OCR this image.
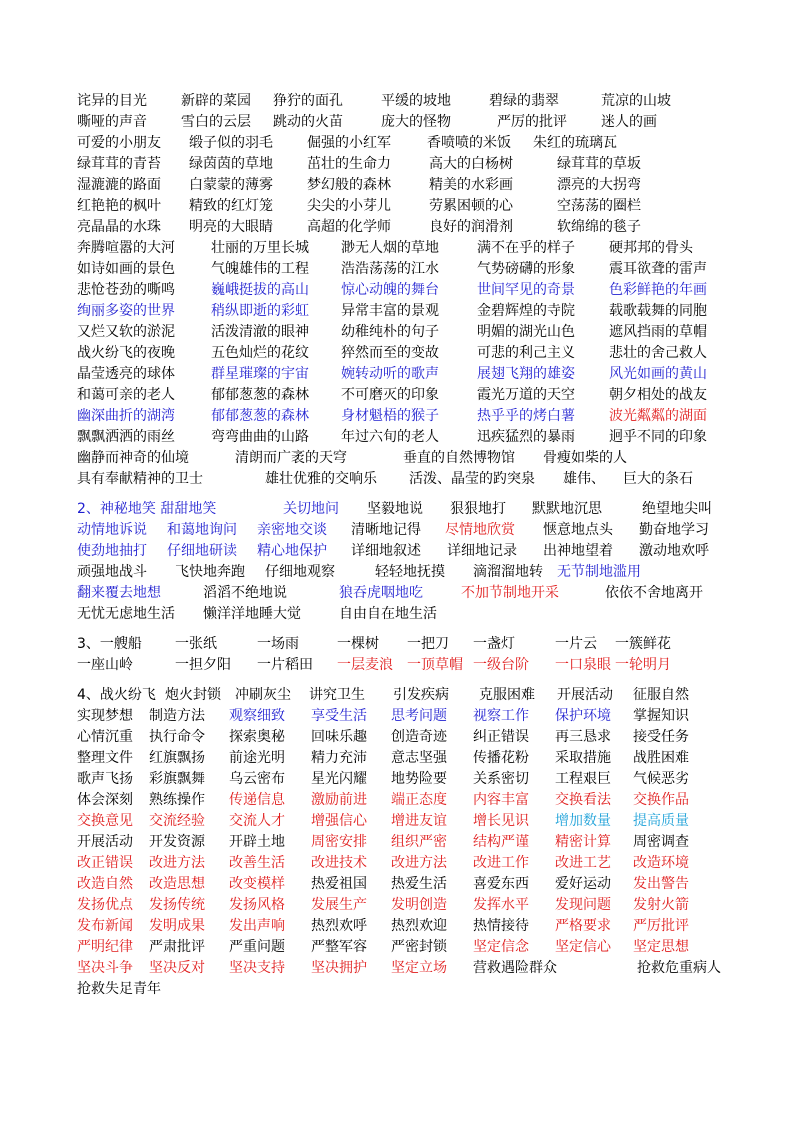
诧异的目光 新辟的菜园 狰狞的面孔	平缓的坡地	碧绿的翡翠	荒凉的山坡
嘶哑的声音 雪白的云层 跳动的火苗	庞大的怪物	严厉的批评 迷人的画
可爱的小朋友 缎子似的羽毛 倔强的小红军	香喷喷的米饭 朱红的琉璃瓦
绿茸茸的青苔 绿茵茵的草地 茁壮的生命力	高大的白杨树	绿茸茸的草坂
湿漉漉的路面 白蒙蒙的薄雾 梦幻般的森林	精美的水彩画	漂亮的大拐弯
红艳艳的枫叶 精致的红灯笼 尖尖的小芽儿	劳累困顿的心	空荡荡的圈栏
亮晶晶的水珠 明亮的大眼睛 高超的化学师	良好的润滑剂	软绵绵的毯子
奔腾喧嚣的大河	壮丽的万里长城 渺无人烟的草地	满不在乎的样子 硬邦邦的骨头
如诗如画的景色	气魄雄伟的工程 浩浩荡荡的江水	气势磅礴的形象 震耳欲聋的雷声
悲怆苍劲的嘶鸣	巍峨挺拔的高山 惊心动魄的舞台	世间罕见的奇景 色彩鲜艳的年画
绚丽多姿的世界	稍纵即逝的彩虹 异常丰富的景观	金碧辉煌的寺院 载歌载舞的同胞
又烂又软的淤泥	活泼清澈的眼神 幼稚纯朴的句子	明媚的湖光山色 遮风挡雨的草帽
战火纷飞的夜晚	五色灿烂的花纹 猝然而至的变故	可悲的利己主义 悲壮的舍己救人
晶莹透亮的球体	群星璀璨的宇宙 婉转动听的歌声	展翅飞翔的雄姿 风光如画的黄山
和蔼可亲的老人	郁郁葱葱的森林 不可磨灭的印象	霞光万道的天空 朝夕相处的战友
幽深曲折的湖湾	郁郁葱葱的森林 身材魁梧的猴子	热乎乎的烤白薯 波光粼粼的湖面
飘飘洒洒的雨丝	弯弯曲曲的山路 年过六旬的老人	迅疾猛烈的暴雨 迥乎不同的印象
幽静而神奇的仙境	清朗而广袤的天穹	垂直的自然博物馆 骨瘦如柴的人
具有奉献精神的卫士	雄壮优雅的交响乐 活泼、晶莹的趵突泉 雄伟、 巨大的条石
2、神秘地笑 甜甜地笑	关切地问 坚毅地说 狠狠地打 默默地沉思	绝望地尖叫
动情地诉说 和蔼地询问 亲密地交谈 清晰地记得 尽情地欣赏 惬意地点头 勤奋地学习
使劲地抽打 仔细地研读 精心地保护 详细地叙述 详细地记录 出神地望着 激动地欢呼
顽强地战斗 飞快地奔跑 仔细地观察	轻轻地抚摸 滴溜溜地转 无节制地滥用
翻来覆去地想	滔滔不绝地说	狼吞虎咽地吃	不加节制地开采	依依不舍地离开
无忧无虑地生活 懒洋洋地睡大觉	自由自在地生活
3、一艘船 一张纸	一场雨	一棵树 一把刀 一盏灯	一片云 一簇鲜花
一座山岭	一担夕阳 一片稻田 一层麦浪 一顶草帽 一级台阶 一口泉眼 一轮明月
4、战火纷飞 炮火封锁 冲刷灰尘 讲究卫生 引发疾病 克服困难 开展活动 征服自然
实现梦想 制造方法 观察细致 享受生活 思考问题 视察工作 保护环境 掌握知识
心情沉重 执行命令 探索奥秘 回味乐趣 创造奇迹 纠正错误 再三恳求 接受任务
整理文件 红旗飘扬 前途光明 精力充沛 意志坚强 传播花粉 采取措施 战胜困难
歌声飞扬 彩旗飘舞 乌云密布 星光闪耀 地势险要 关系密切 工程艰巨 气候恶劣
体会深刻 熟练操作 传递信息 激励前进 端正态度 内容丰富 交换看法 交换作品
交换意见 交流经验 交流人才 增强信心 增进友谊 增长见识 增加数量 提高质量
开展活动 开发资源 开辟土地 周密安排 组织严密 结构严谨 精密计算 周密调查
改正错误 改进方法 改善生活 改进技术 改进方法 改进工作 改进工艺 改造环境
改造自然 改造思想 改变模样 热爱祖国 热爱生活 喜爱东西 爱好运动 发出警告
发扬优点 发扬传统 发扬风格 发展生产 发明创造 发挥水平 发现问题 发射火箭
发布新闻 发明成果 发出声响 热烈欢呼 热烈欢迎 热情接待 严格要求 严厉批评
严明纪律 严肃批评 严重问题 严整军容 严密封锁 坚定信念 坚定信心 坚定思想
坚决斗争 坚决反对 坚决支持 坚决拥护 坚定立场 营救遇险群众	抢救危重病人
抢救失足青年
